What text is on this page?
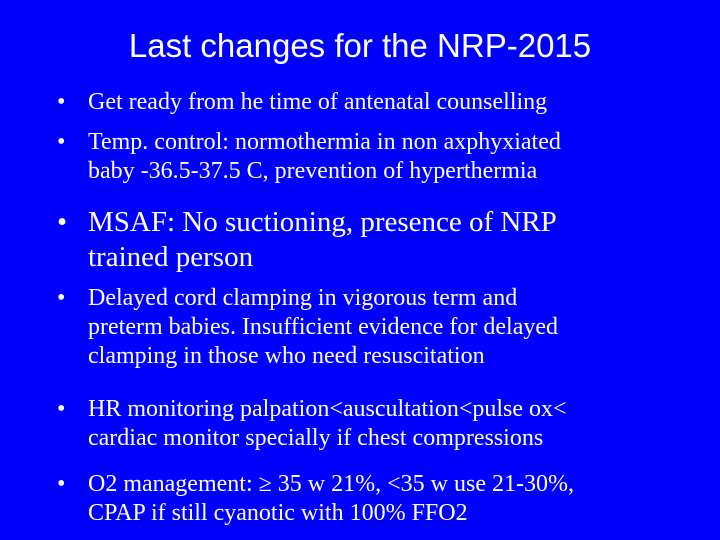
Last changes for the NRP-2015
• Get ready from he time of antenatal counselling
• Temp. control: normothermia in non axphyxiated
baby -36.5-37.5 C, prevention of hyperthermia
• MSAF: No suctioning, presence of NRP
trained person
• Delayed cord clamping in vigorous term and
preterm babies. Insufficient evidence for delayed
clamping in those who need resuscitation
• HR monitoring palpation<auscultation<pulse ox<
cardiac monitor specially if chest compressions
• O2 management: ≥ 35 w 21%, <35 w use 21-30%,
CPAP if still cyanotic with 100% FFO2
